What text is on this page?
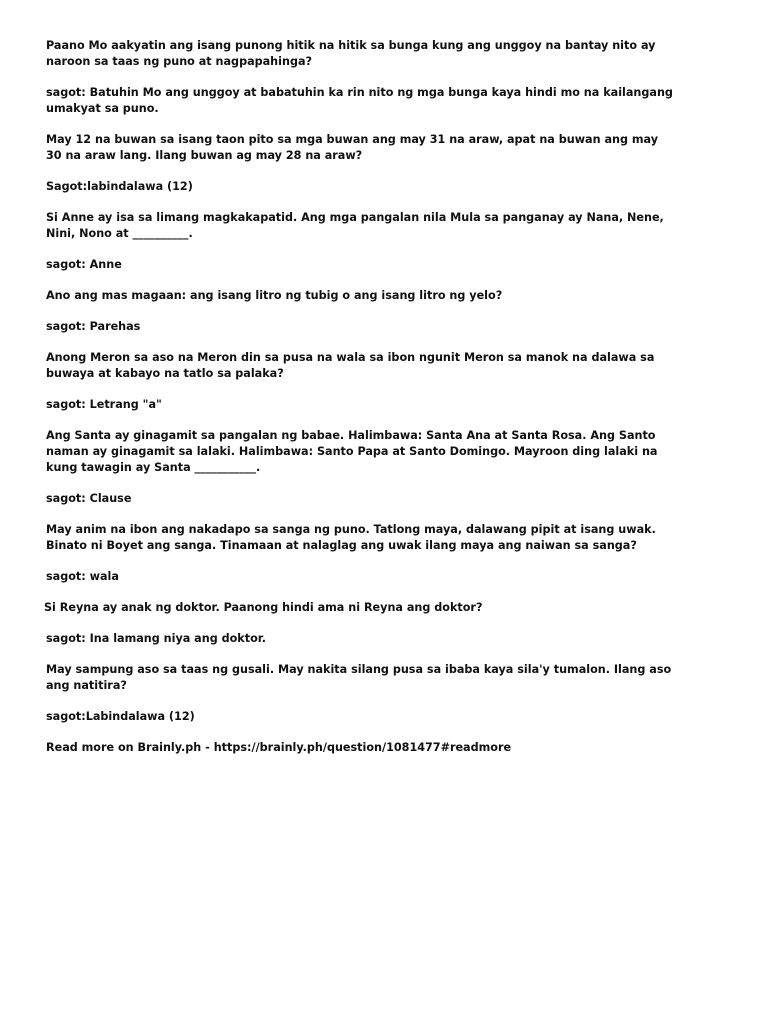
Paano Mo aakyatin ang isang punong hitik na hitik sa bunga kung ang unggoy na bantay nito ay naroon sa taas ng puno at nagpapahinga?

sagot: Batuhin Mo ang unggoy at babatuhin ka rin nito ng mga bunga kaya hindi mo na kailangang umakyat sa puno.

May 12 na buwan sa isang taon pito sa mga buwan ang may 31 na araw, apat na buwan ang may 30 na araw lang. Ilang buwan ag may 28 na araw?

Sagot:labindalawa (12)

Si Anne ay isa sa limang magkakapatid. Ang mga pangalan nila Mula sa panganay ay Nana, Nene, Nini, Nono at __________.

sagot: Anne

Ano ang mas magaan: ang isang litro ng tubig o ang isang litro ng yelo?

sagot: Parehas

Anong Meron sa aso na Meron din sa pusa na wala sa ibon ngunit Meron sa manok na dalawa sa buwaya at kabayo na tatlo sa palaka?

sagot: Letrang "a"

Ang Santa ay ginagamit sa pangalan ng babae. Halimbawa: Santa Ana at Santa Rosa. Ang Santo naman ay ginagamit sa lalaki. Halimbawa: Santo Papa at Santo Domingo. Mayroon ding lalaki na kung tawagin ay Santa ___________.

sagot: Clause

May anim na ibon ang nakadapo sa sanga ng puno. Tatlong maya, dalawang pipit at isang uwak. Binato ni Boyet ang sanga. Tinamaan at nalaglag ang uwak ilang maya ang naiwan sa sanga?

sagot: wala

Si Reyna ay anak ng doktor. Paanong hindi ama ni Reyna ang doktor?

sagot: Ina lamang niya ang doktor.

May sampung aso sa taas ng gusali. May nakita silang pusa sa ibaba kaya sila'y tumalon. Ilang aso ang natitira?

sagot:Labindalawa (12)

Read more on Brainly.ph - https://brainly.ph/question/1081477#readmore
